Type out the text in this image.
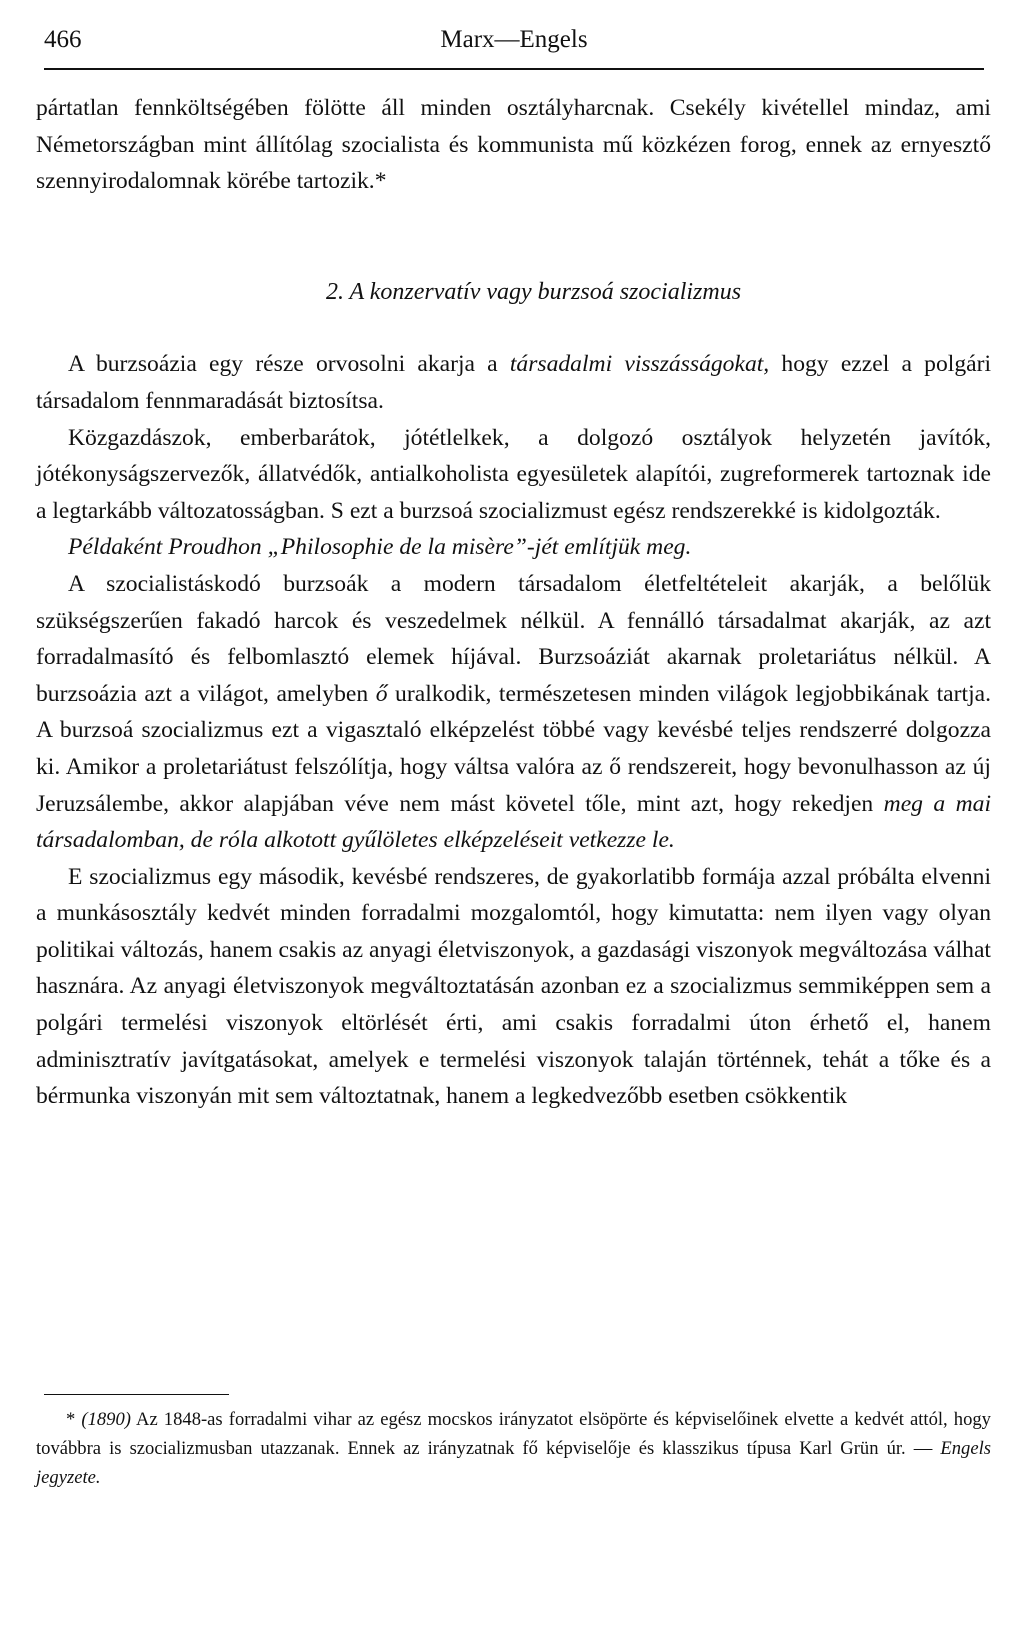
466	Marx—Engels

pártatlan fennköltségében fölötte áll minden osztályharcnak. Csekély kivétellel mindaz, ami Németországban mint állítólag szocialista és kommunista mű közkézen forog, ennek az ernyesztő szennyirodalomnak körébe tartozik.*

2. A konzervatív vagy burzsoá szocializmus

A burzsoázia egy része orvosolni akarja a társadalmi visszásságokat, hogy ezzel a polgári társadalom fennmaradását biztosítsa.

Közgazdászok, emberbarátok, jótétlelkek, a dolgozó osztályok helyzetén javítók, jótékonyságszervezők, állatvédők, antialkoholista egyesületek alapítói, zugreformerek tartoznak ide a legtarkább változatosságban. S ezt a burzsoá szocializmust egész rendszerekké is kidolgozták.

Példaként Proudhon „Philosophie de la misère”-jét említjük meg.

A szocialistáskodó burzsoák a modern társadalom életfeltételeit akarják, a belőlük szükségszerűen fakadó harcok és veszedelmek nélkül. A fennálló társadalmat akarják, az azt forradalmasító és felbomlasztó elemek híjával. Burzsoáziát akarnak proletariátus nélkül. A burzsoázia azt a világot, amelyben ő uralkodik, természetesen minden világok legjobbikának tartja. A burzsoá szocializmus ezt a vigasztaló elképzelést többé vagy kevésbé teljes rendszerré dolgozza ki. Amikor a proletariátust felszólítja, hogy váltsa valóra az ő rendszereit, hogy bevonulhasson az új Jeruzsálembe, akkor alapjában véve nem mást követel tőle, mint azt, hogy rekedjen meg a mai társadalomban, de róla alkotott gyűlöletes elképzeléseit vetkezze le.

E szocializmus egy második, kevésbé rendszeres, de gyakorlatibb formája azzal próbálta elvenni a munkásosztály kedvét minden forradalmi mozgalomtól, hogy kimutatta: nem ilyen vagy olyan politikai változás, hanem csakis az anyagi életviszonyok, a gazdasági viszonyok megváltozása válhat hasznára. Az anyagi életviszonyok megváltoztatásán azonban ez a szocializmus semmiképpen sem a polgári termelési viszonyok eltörlését érti, ami csakis forradalmi úton érhető el, hanem adminisztratív javítgatásokat, amelyek e termelési viszonyok talaján történnek, tehát a tőke és a bérmunka viszonyán mit sem változtatnak, hanem a legkedvezőbb esetben csökkentik

* (1890) Az 1848-as forradalmi vihar az egész mocskos irányzatot elsöpörte és képviselőinek elvette a kedvét attól, hogy továbbra is szocializmusban utazzanak. Ennek az irányzatnak fő képviselője és klasszikus típusa Karl Grün úr. — Engels jegyzete.
